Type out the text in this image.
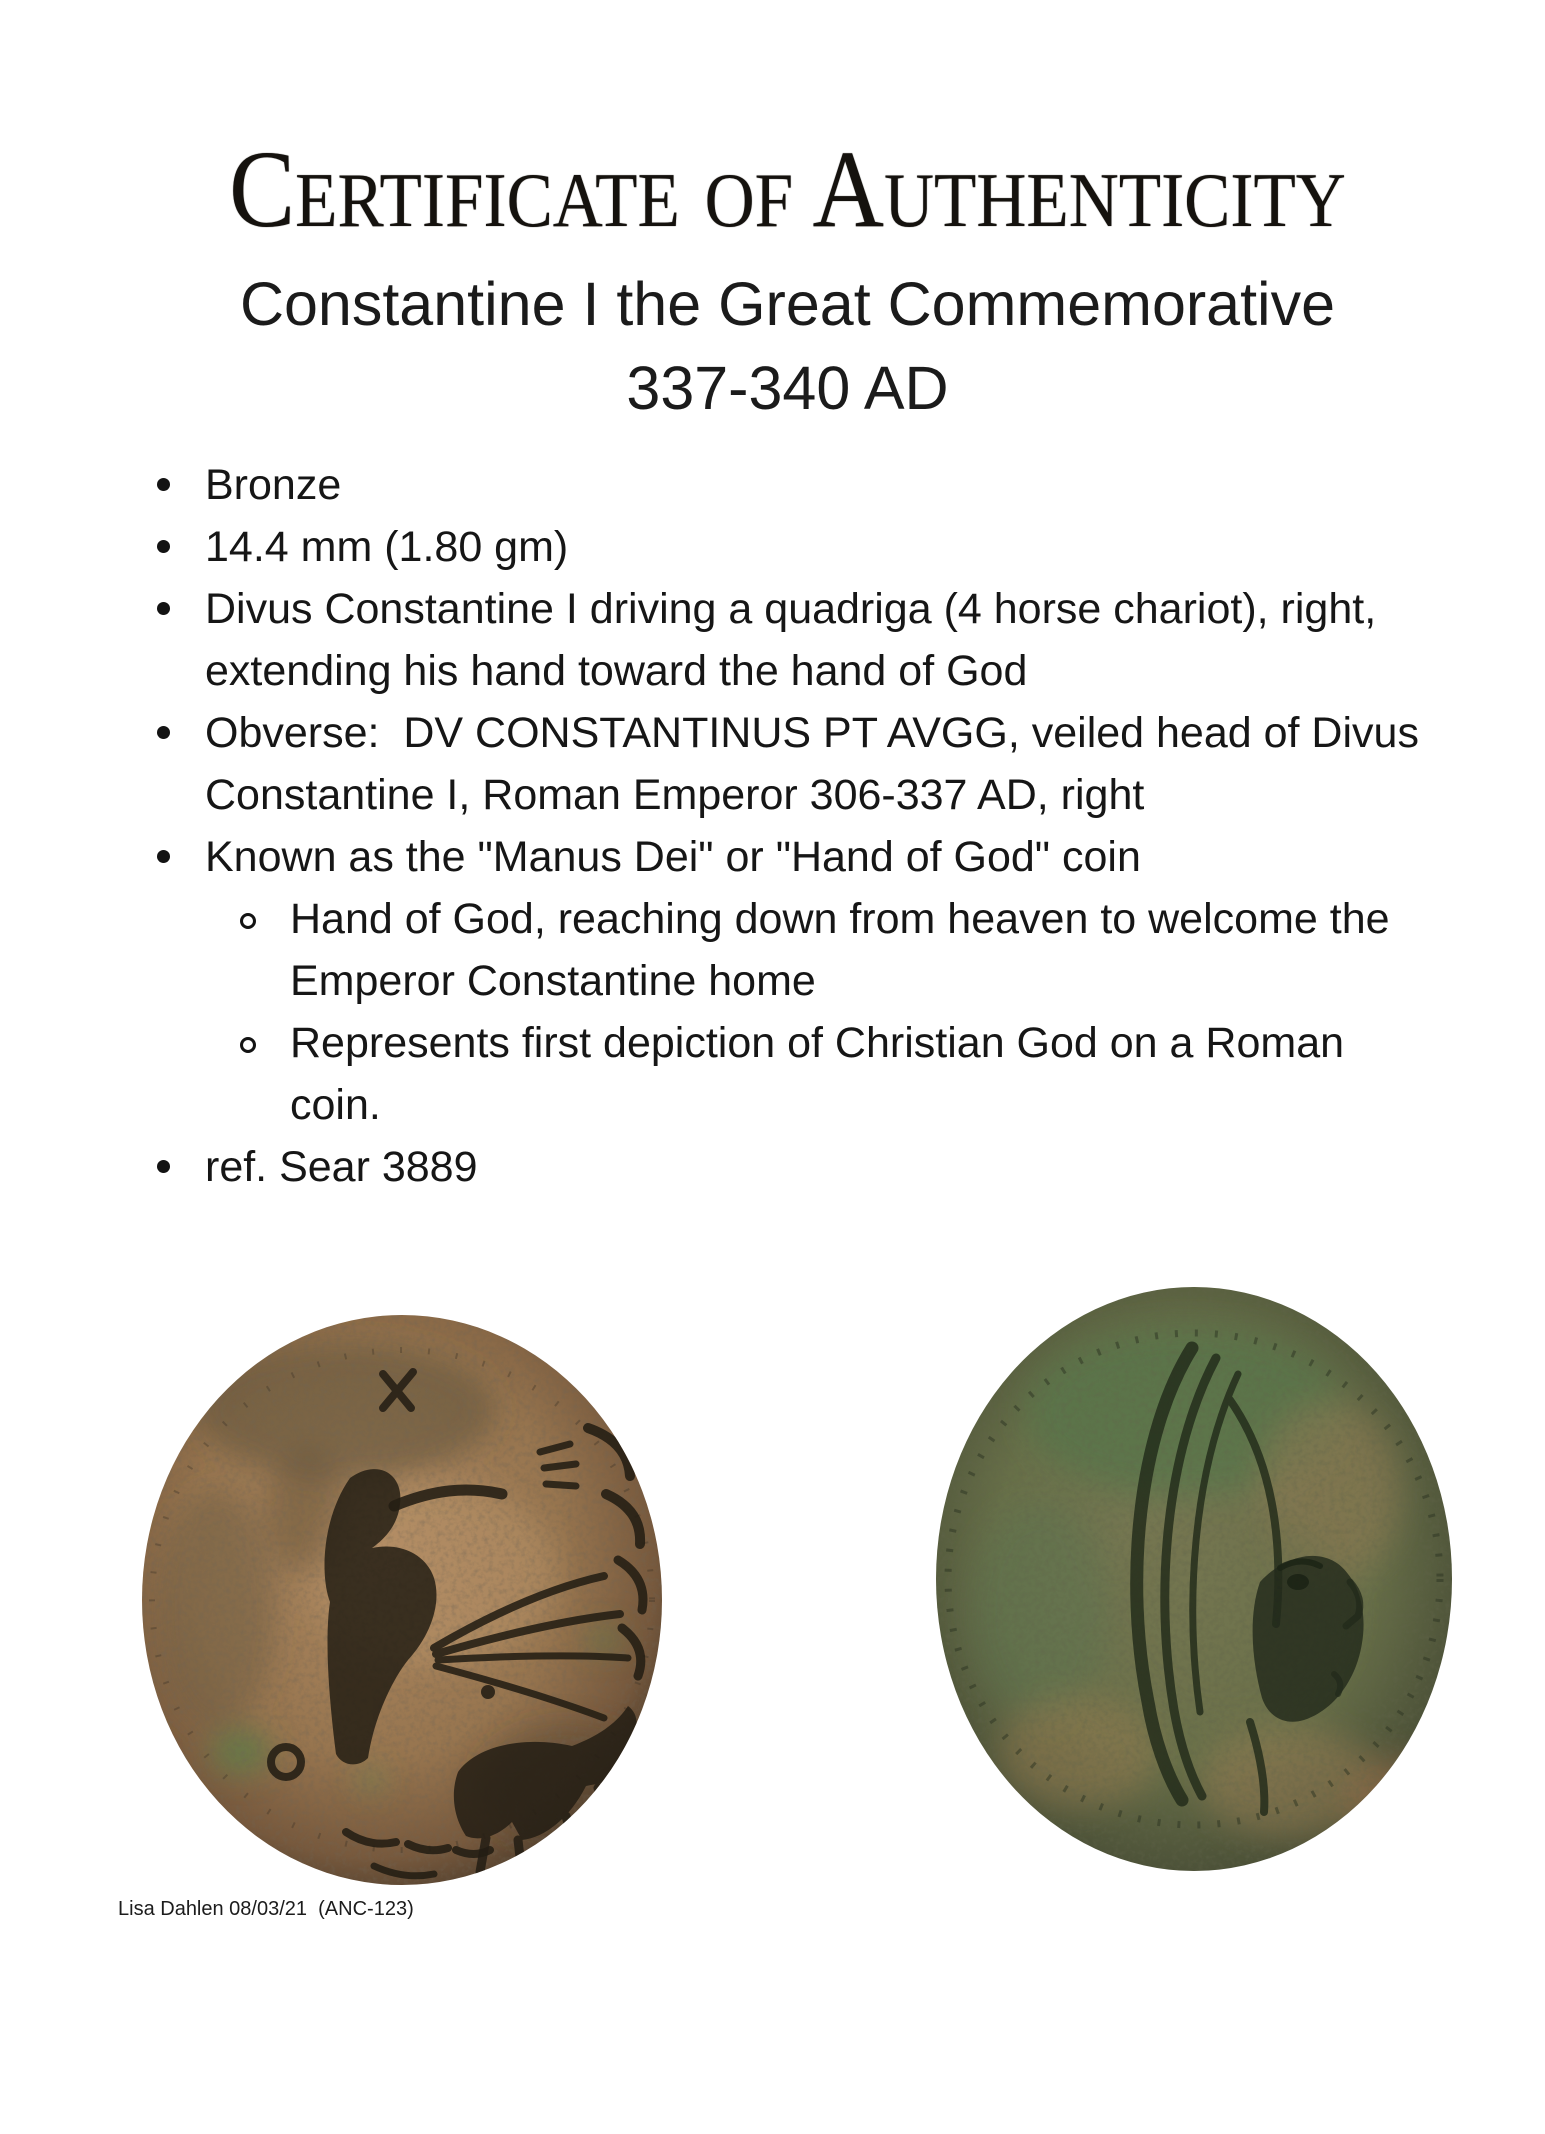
Certificate of Authenticity
Constantine I the Great Commemorative
337-340 AD
Bronze
14.4 mm (1.80 gm)
Divus Constantine I driving a quadriga (4 horse chariot), right, extending his hand toward the hand of God
Obverse:  DV CONSTANTINUS PT AVGG, veiled head of Divus Constantine I, Roman Emperor 306-337 AD, right
Known as the "Manus Dei" or "Hand of God" coin
Hand of God, reaching down from heaven to welcome the Emperor Constantine home
Represents first depiction of Christian God on a Roman coin.
ref. Sear 3889
Lisa Dahlen 08/03/21  (ANC-123)
